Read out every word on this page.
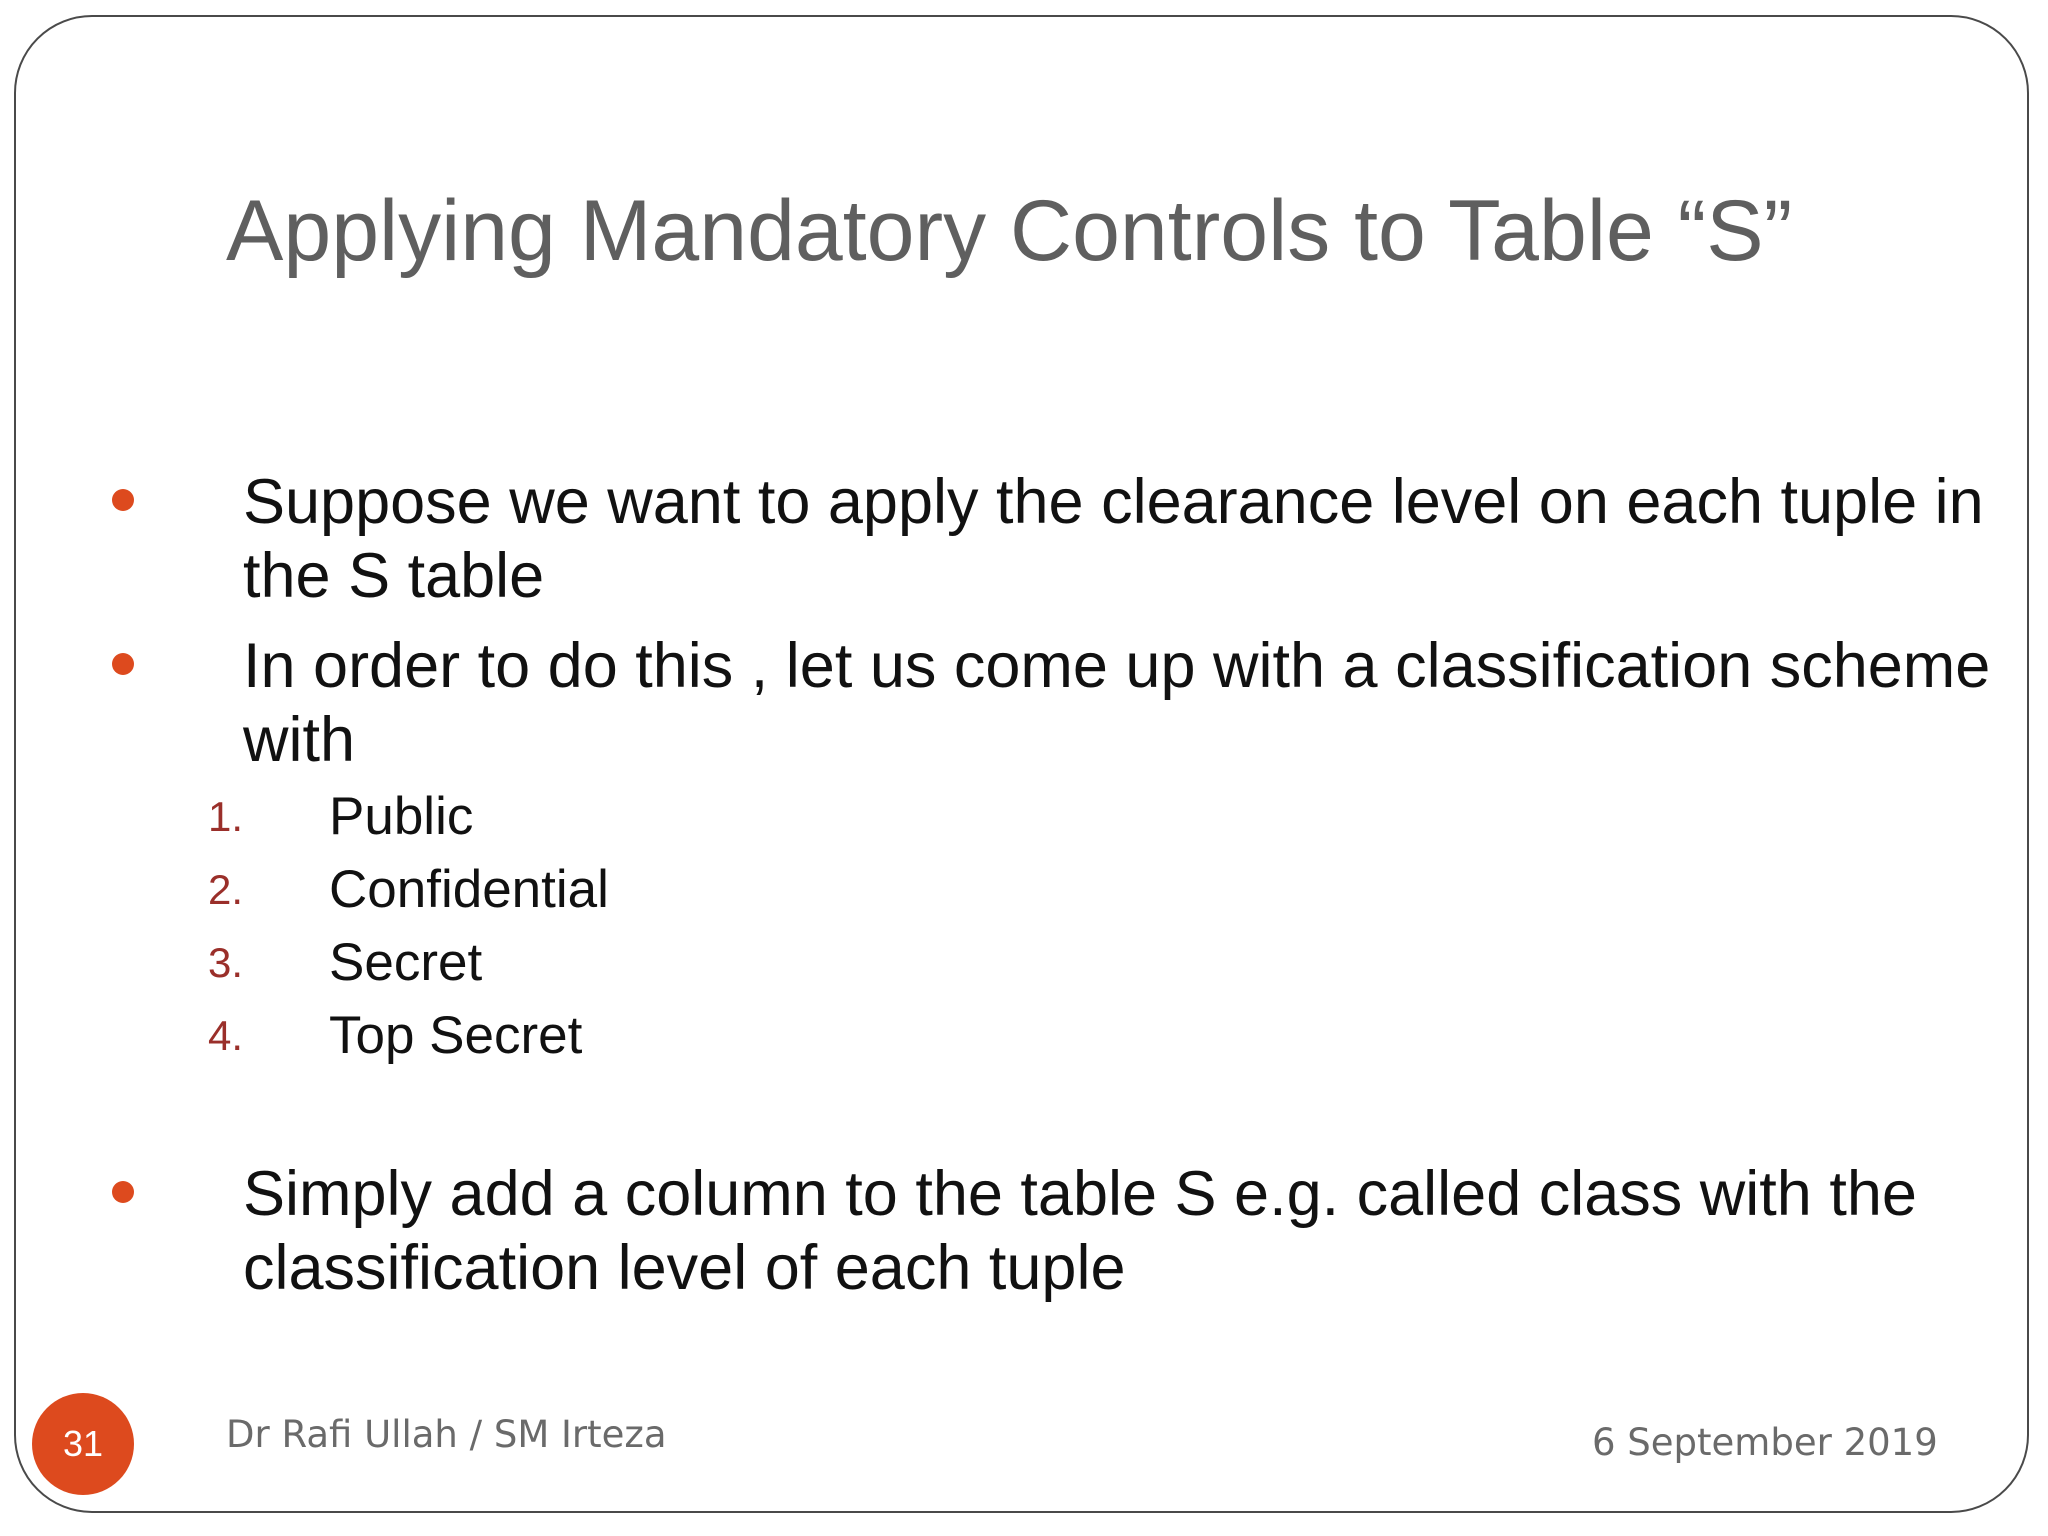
Applying Mandatory Controls to Table “S”
Suppose we want to apply the clearance level on each tuple in the S table
In order to do this , let us come up with a classification scheme with
1. Public
2. Confidential
3. Secret
4. Top Secret
Simply add a column to the table S e.g. called class with the classification level of each tuple
31	Dr Rafi Ullah / SM Irteza	6 September 2019
